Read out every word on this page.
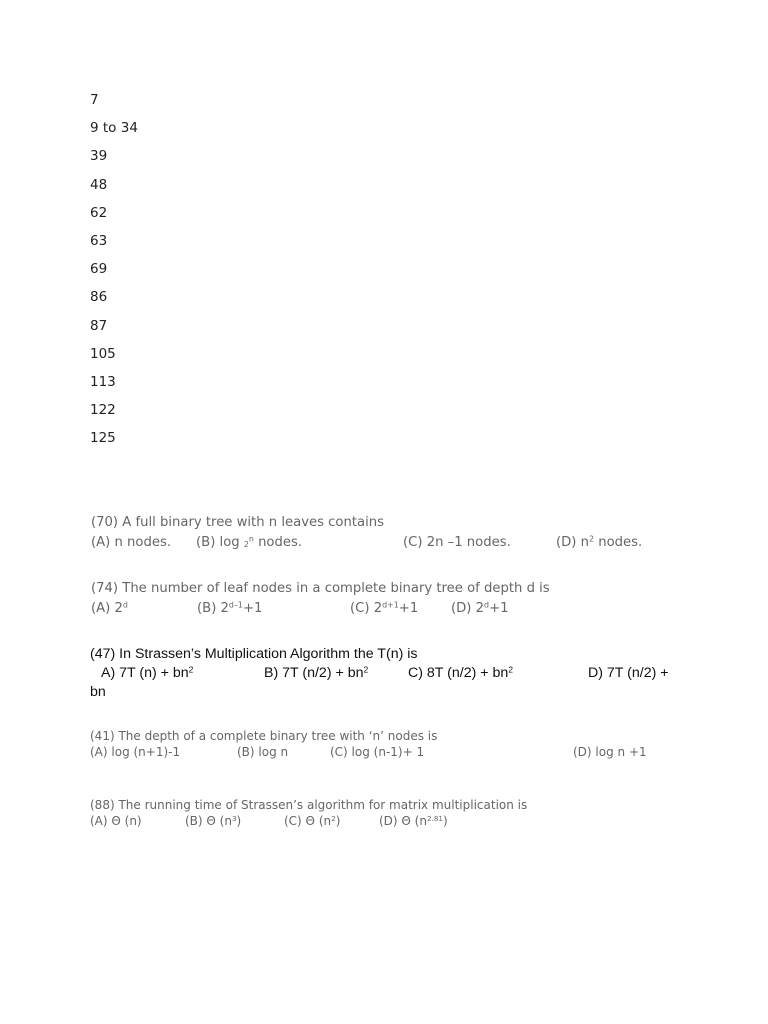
7
9 to 34
39
48
62
63
69
86
87
105
113
122
125
(70) A full binary tree with n leaves contains
(A) n nodes. (B) log $_2^n$ nodes.	(C) 2n –1 nodes.	(D) $n^2$ nodes.
(74) The number of leaf nodes in a complete binary tree of depth d is
(A) 2$^d$	(B) $2^{d-1}+1$	(C) $2^{d+1}+1$ (D) $2^d+1$
(47) In Strassen’s Multiplication Algorithm the T(n) is
A) 7T $(n) + bn^2$	B) 7T $(n/2) + bn^2$	C) 8T $(n/2) + bn^2$	D) 7T (n/2) +
bn
(41) The depth of a complete binary tree with ‘n’ nodes is
(A) log (n+1)-1	(B) log n	(C) log (n-1)+ 1	(D) log n +1
(88) The running time of Strassen’s algorithm for matrix multiplication is
(A) Θ (n)	(B) Θ $(n^3)$	(C) Θ $(n^2)$	(D) Θ $(n^{2.81})$
